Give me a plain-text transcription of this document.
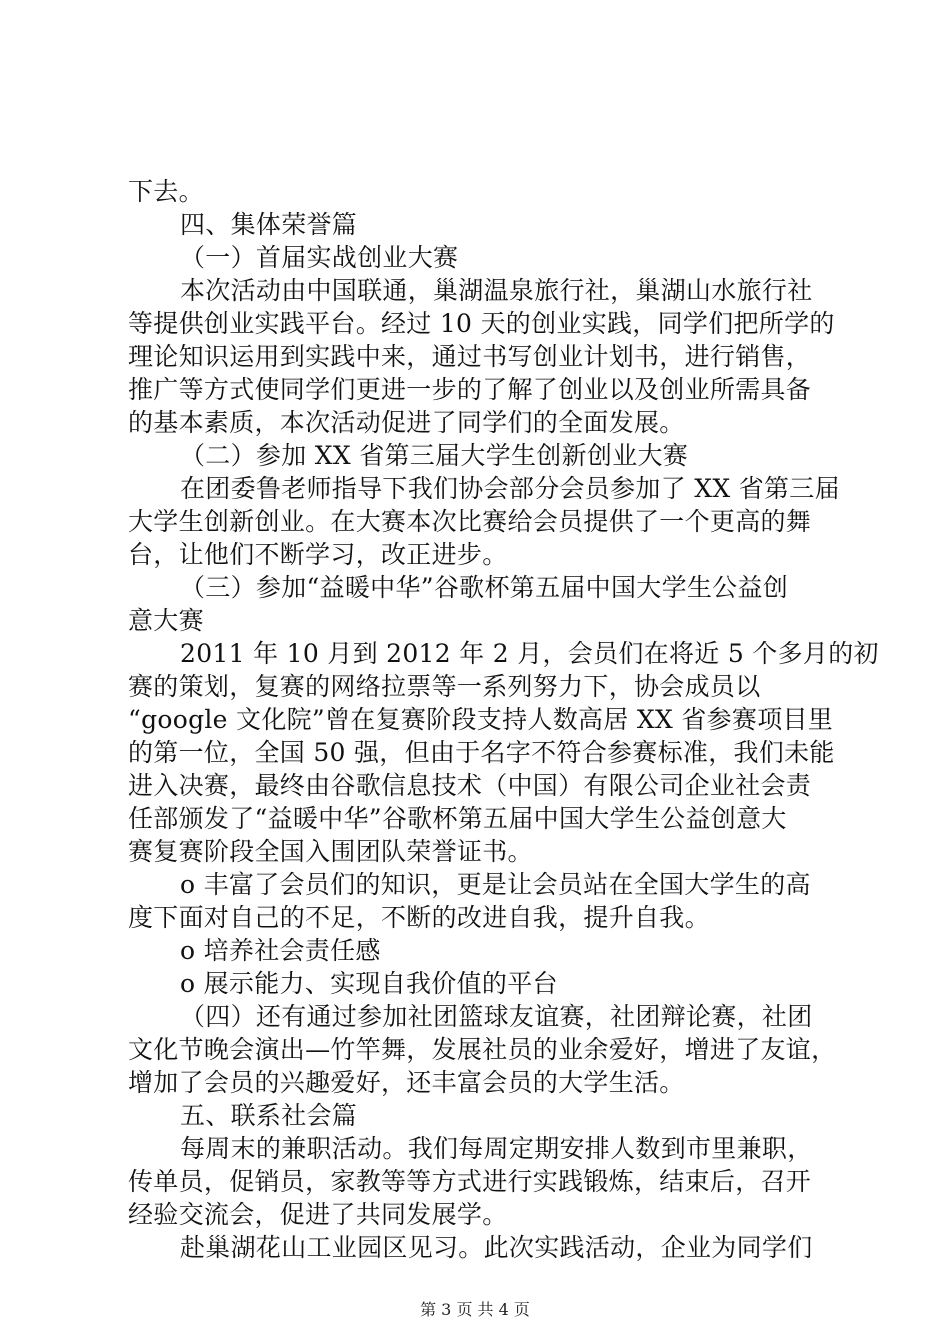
下去。
四、集体荣誉篇
（一）首届实战创业大赛
本次活动由中国联通，巢湖温泉旅行社，巢湖山水旅行社
等提供创业实践平台。经过 10 天的创业实践，同学们把所学的
理论知识运用到实践中来，通过书写创业计划书，进行销售，
推广等方式使同学们更进一步的了解了创业以及创业所需具备
的基本素质，本次活动促进了同学们的全面发展。
（二）参加 XX 省第三届大学生创新创业大赛
在团委鲁老师指导下我们协会部分会员参加了 XX 省第三届
大学生创新创业。在大赛本次比赛给会员提供了一个更高的舞
台，让他们不断学习，改正进步。
（三）参加“益暖中华”谷歌杯第五届中国大学生公益创
意大赛
2011 年 10 月到 2012 年 2 月，会员们在将近 5 个多月的初
赛的策划，复赛的网络拉票等一系列努力下，协会成员以
“google 文化院”曾在复赛阶段支持人数高居 XX 省参赛项目里
的第一位，全国 50 强，但由于名字不符合参赛标准，我们未能
进入决赛，最终由谷歌信息技术（中国）有限公司企业社会责
任部颁发了“益暖中华”谷歌杯第五届中国大学生公益创意大
赛复赛阶段全国入围团队荣誉证书。
o 丰富了会员们的知识，更是让会员站在全国大学生的高
度下面对自己的不足，不断的改进自我，提升自我。
o 培养社会责任感
o 展示能力、实现自我价值的平台
（四）还有通过参加社团篮球友谊赛，社团辩论赛，社团
文化节晚会演出—竹竿舞，发展社员的业余爱好，增进了友谊，
增加了会员的兴趣爱好，还丰富会员的大学生活。
五、联系社会篇
每周末的兼职活动。我们每周定期安排人数到市里兼职，
传单员，促销员，家教等等方式进行实践锻炼，结束后，召开
经验交流会，促进了共同发展学。
赴巢湖花山工业园区见习。此次实践活动，企业为同学们
第 3 页 共 4 页
